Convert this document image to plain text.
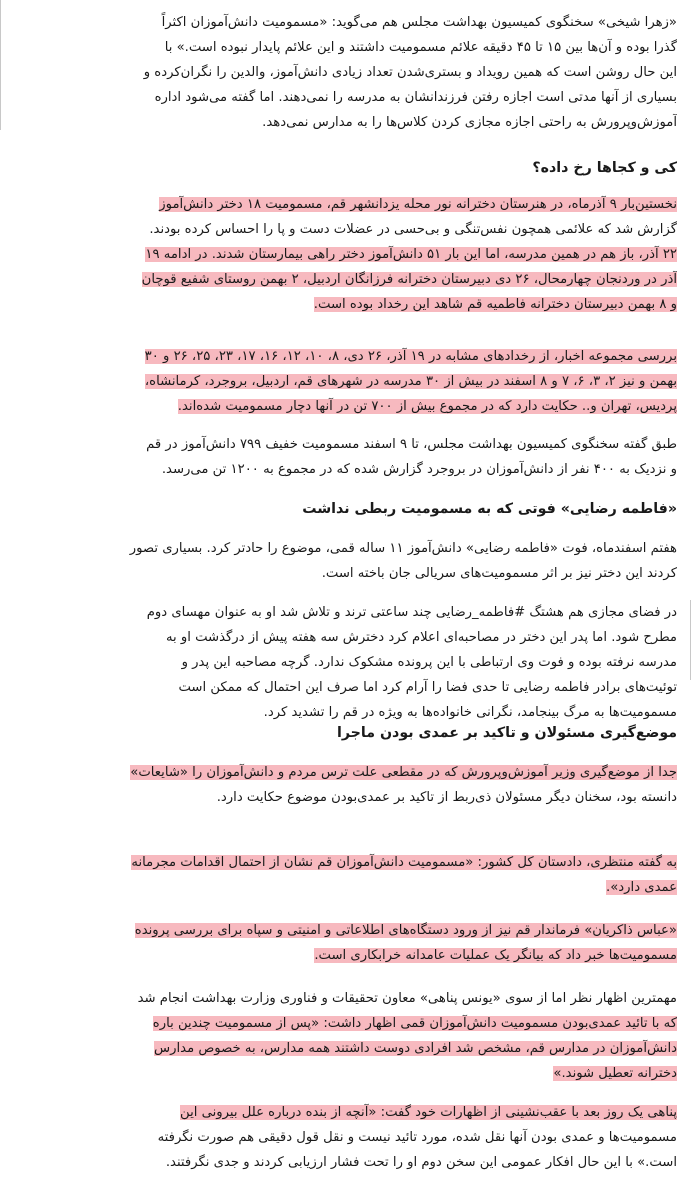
«زهرا شیخی» سخنگوی کمیسیون بهداشت مجلس هم می‌گوید: «مسمومیت دانش‌آموزان اکثراً
گذرا بوده و آن‌ها بین ۱۵ تا ۴۵ دقیقه علائم مسمومیت داشتند و این علائم پایدار نبوده است.» با
این حال روشن است که همین رویداد و بستری‌شدن تعداد زیادی دانش‌آموز، والدین را نگران‌کرده و
بسیاری از آنها مدتی است اجازه رفتن فرزندانشان به مدرسه را نمی‌دهند. اما گفته می‌شود اداره
آموزش‌وپرورش به راحتی اجازه مجازی کردن کلاس‌ها را به مدارس نمی‌دهد.
کی و کجاها رخ داده؟
نخستین‌بار ۹ آذرماه، در هنرستان دخترانه نور محله یزدانشهر قم، مسمومیت ۱۸ دختر دانش‌آموز
گزارش شد که علائمی همچون نفس‌تنگی و بی‌حسی در عضلات دست و پا را احساس کرده بودند.
۲۲ آذر، باز هم در همین مدرسه، اما این بار ۵۱ دانش‌آموز دختر راهی بیمارستان شدند. در ادامه ۱۹
آذر در وردنجان چهارمحال، ۲۶ دی دبیرستان دخترانه فرزانگان اردبیل، ۲ بهمن روستای شفیع قوچان
و ۸ بهمن دبیرستان دخترانه فاطمیه قم شاهد این رخداد بوده است.
بررسی مجموعه اخبار، از رخدادهای مشابه در ۱۹ آذر، ۲۶ دی، ۸، ۱۰، ۱۲، ۱۶، ۱۷، ۲۳، ۲۵، ۲۶ و ۳۰
بهمن و نیز ۲، ۳، ۶، ۷ و ۸ اسفند در بیش از ۳۰ مدرسه در شهرهای قم، اردبیل، بروجرد، کرمانشاه،
پردیس، تهران و.. حکایت دارد که در مجموع بیش از ۷۰۰ تن در آنها دچار مسمومیت شده‌اند.
طبق گفته سخنگوی کمیسیون بهداشت مجلس، تا ۹ اسفند مسمومیت خفیف ۷۹۹ دانش‌آموز در قم
و نزدیک به ۴۰۰ نفر از دانش‌آموزان در بروجرد گزارش شده که در مجموع به ۱۲۰۰ تن می‌رسد.
«فاطمه رضایی» فوتی که به مسمومیت ربطی نداشت
هفتم اسفندماه، فوت «فاطمه رضایی» دانش‌آموز ۱۱ ساله قمی، موضوع را حادتر کرد. بسیاری تصور
کردند این دختر نیز بر اثر مسمومیت‌های سریالی جان باخته است.
در فضای مجازی هم هشتگ #فاطمه_رضایی چند ساعتی ترند و تلاش شد او به عنوان مهسای دوم
مطرح شود. اما پدر این دختر در مصاحبه‌ای اعلام کرد دخترش سه هفته پیش از درگذشت او به
مدرسه نرفته بوده و فوت وی ارتباطی با این پرونده مشکوک ندارد. گرچه مصاحبه این پدر و
توئیت‌های برادر فاطمه رضایی تا حدی فضا را آرام کرد اما صرف این احتمال که ممکن است
مسمومیت‌ها به مرگ بینجامد، نگرانی خانواده‌ها به ویژه در قم را تشدید کرد.
موضع‌گیری مسئولان و تاکید بر عمدی بودن ماجرا
جدا از موضع‌گیری وزیر آموزش‌وپرورش که در مقطعی علت ترس مردم و دانش‌آموزان را «شایعات»
دانسته بود، سخنان دیگر مسئولان ذی‌ربط از تاکید بر عمدی‌بودن موضوع حکایت دارد.
به گفته منتظری، دادستان کل کشور: «مسمومیت دانش‌آموزان قم نشان از احتمال اقدامات مجرمانه
عمدی دارد».
«عباس ذاکریان» فرماندار قم نیز از ورود دستگاه‌های اطلاعاتی و امنیتی و سپاه برای بررسی پرونده
مسمومیت‌ها خبر داد که بیانگر یک عملیات عامدانه خرابکاری است.
مهمترین اظهار نظر اما از سوی «یونس پناهی» معاون تحقیقات و فناوری وزارت بهداشت انجام شد
که با تائید عمدی‌بودن مسمومیت دانش‌آموزان قمی اظهار داشت: «پس از مسمومیت چندین باره
دانش‌آموزان در مدارس قم، مشخص شد افرادی دوست داشتند همه مدارس، به خصوص مدارس
دخترانه تعطیل شوند.»
پناهی یک روز بعد با عقب‌نشینی از اظهارات خود گفت: «آنچه از بنده درباره علل بیرونی این
مسمومیت‌ها و عمدی بودن آنها نقل شده، مورد تائید نیست و نقل قول دقیقی هم صورت نگرفته
است.» با این حال افکار عمومی این سخن دوم او را تحت فشار ارزیابی کردند و جدی نگرفتند.
